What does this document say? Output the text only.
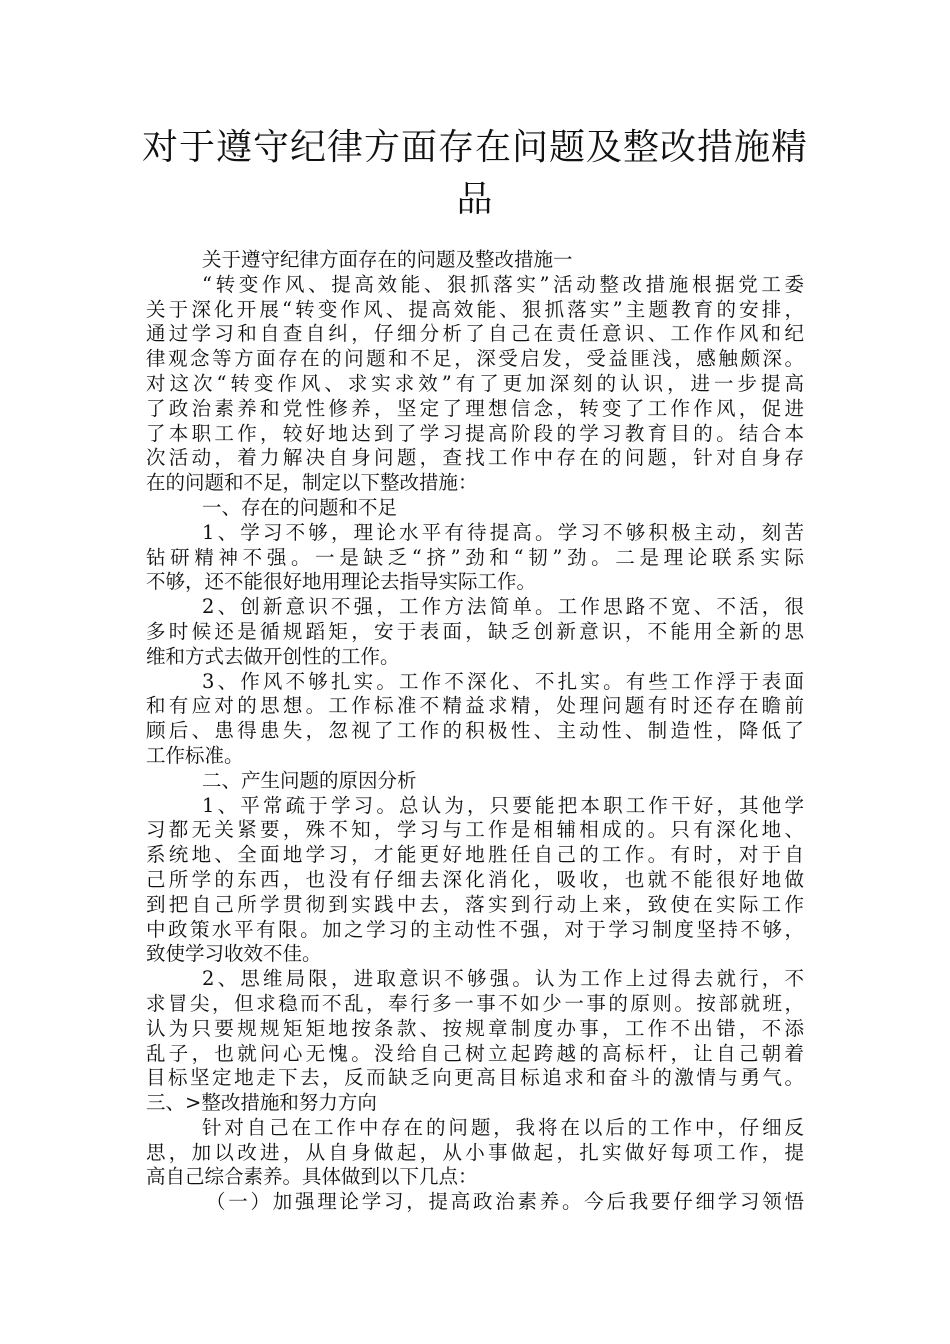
对于遵守纪律方面存在问题及整改措施精
品
关于遵守纪律方面存在的问题及整改措施一
“转变作风、提高效能、狠抓落实”活动整改措施根据党工委
关于深化开展“转变作风、提高效能、狠抓落实”主题教育的安排，
通过学习和自查自纠，仔细分析了自己在责任意识、工作作风和纪
律观念等方面存在的问题和不足，深受启发，受益匪浅，感触颇深。
对这次“转变作风、求实求效”有了更加深刻的认识，进一步提高
了政治素养和党性修养，坚定了理想信念，转变了工作作风，促进
了本职工作，较好地达到了学习提高阶段的学习教育目的。结合本
次活动，着力解决自身问题，查找工作中存在的问题，针对自身存
在的问题和不足，制定以下整改措施：
一、存在的问题和不足
1、学习不够，理论水平有待提高。学习不够积极主动，刻苦
钻研精神不强。一是缺乏“挤”劲和“韧”劲。二是理论联系实际
不够，还不能很好地用理论去指导实际工作。
2、创新意识不强，工作方法简单。工作思路不宽、不活，很
多时候还是循规蹈矩，安于表面，缺乏创新意识，不能用全新的思
维和方式去做开创性的工作。
3、作风不够扎实。工作不深化、不扎实。有些工作浮于表面
和有应对的思想。工作标准不精益求精，处理问题有时还存在瞻前
顾后、患得患失，忽视了工作的积极性、主动性、制造性，降低了
工作标准。
二、产生问题的原因分析
1、平常疏于学习。总认为，只要能把本职工作干好，其他学
习都无关紧要，殊不知，学习与工作是相辅相成的。只有深化地、
系统地、全面地学习，才能更好地胜任自己的工作。有时，对于自
己所学的东西，也没有仔细去深化消化，吸收，也就不能很好地做
到把自己所学贯彻到实践中去，落实到行动上来，致使在实际工作
中政策水平有限。加之学习的主动性不强，对于学习制度坚持不够，
致使学习收效不佳。
2、思维局限，进取意识不够强。认为工作上过得去就行，不
求冒尖，但求稳而不乱，奉行多一事不如少一事的原则。按部就班，
认为只要规规矩矩地按条款、按规章制度办事，工作不出错，不添
乱子，也就问心无愧。没给自己树立起跨越的高标杆，让自己朝着
目标坚定地走下去，反而缺乏向更高目标追求和奋斗的激情与勇气。
三、>整改措施和努力方向
针对自己在工作中存在的问题，我将在以后的工作中，仔细反
思，加以改进，从自身做起，从小事做起，扎实做好每项工作，提
高自己综合素养。具体做到以下几点：
（一）加强理论学习，提高政治素养。今后我要仔细学习领悟
